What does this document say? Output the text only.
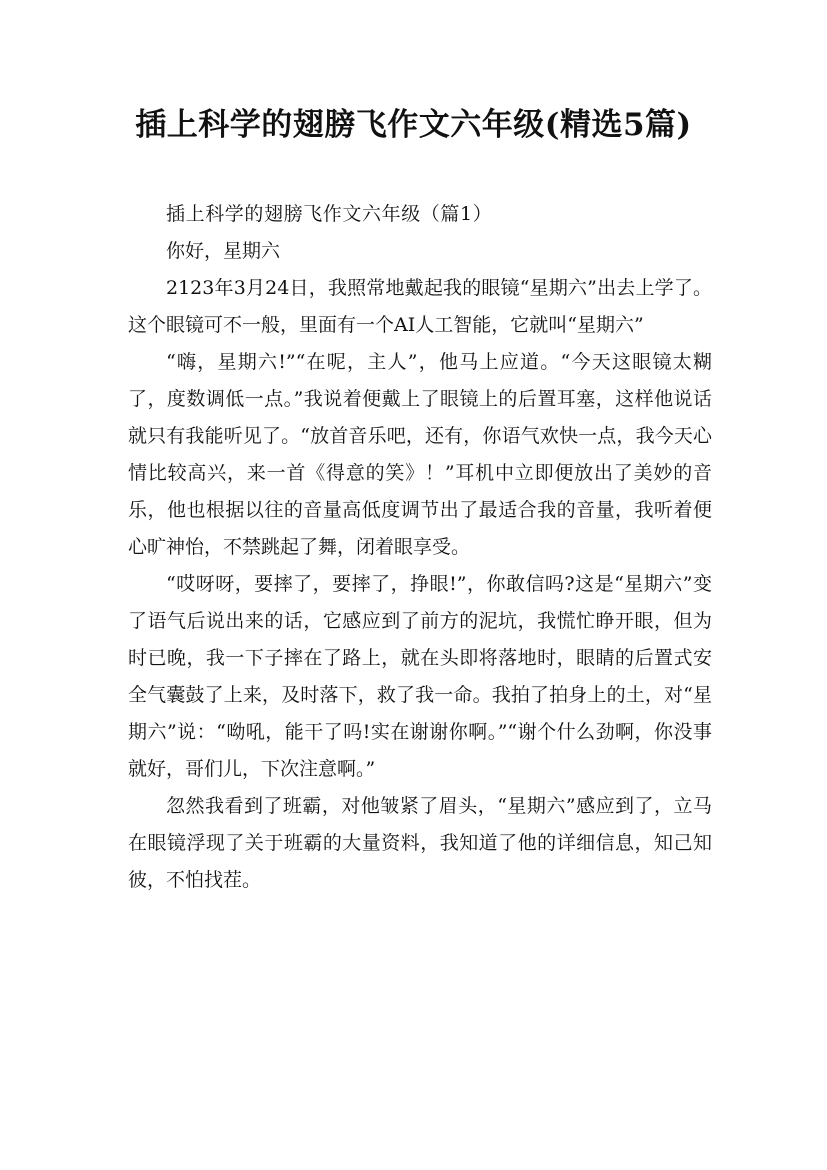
插上科学的翅膀飞作文六年级(精选5篇)

插上科学的翅膀飞作文六年级（篇1）

你好，星期六

2123年3月24日，我照常地戴起我的眼镜“星期六”出去上学了。这个眼镜可不一般，里面有一个AI人工智能，它就叫“星期六”

“嗨，星期六!”“在呢，主人”，他马上应道。“今天这眼镜太糊了，度数调低一点。”我说着便戴上了眼镜上的后置耳塞，这样他说话就只有我能听见了。“放首音乐吧，还有，你语气欢快一点，我今天心情比较高兴，来一首《得意的笑》！”耳机中立即便放出了美妙的音乐，他也根据以往的音量高低度调节出了最适合我的音量，我听着便心旷神怡，不禁跳起了舞，闭着眼享受。

“哎呀呀，要摔了，要摔了，挣眼!”，你敢信吗?这是“星期六”变了语气后说出来的话，它感应到了前方的泥坑，我慌忙睁开眼，但为时已晚，我一下子摔在了路上，就在头即将落地时，眼睛的后置式安全气囊鼓了上来，及时落下，救了我一命。我拍了拍身上的土，对“星期六”说：“呦吼，能干了吗!实在谢谢你啊。”“谢个什么劲啊，你没事就好，哥们儿，下次注意啊。”

忽然我看到了班霸，对他皱紧了眉头，“星期六”感应到了，立马在眼镜浮现了关于班霸的大量资料，我知道了他的详细信息，知己知彼，不怕找茬。
